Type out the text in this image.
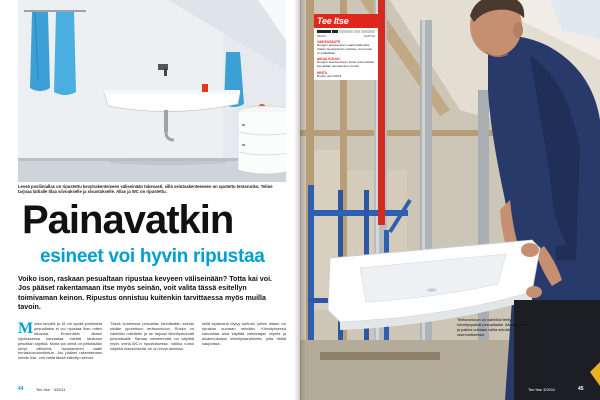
Leveä posliiniallas on ripustettu kevytrakenteiseen väliseinään tukevasti, sillä seinärakenteeseen on upotettu teräsrunko. Teline tarjoaa lattialle tilaa siivoukselle ja sisustukselle. Allas ja WC on ripustettu.

Painavatkin
esineet voi hyvin ripustaa

Voiko ison, raskaan pesualtaan ripustaa kevyeen väliseinään? Totta kai voi. Jos pääset rakentamaan itse myös seinän, voit valita tässä esitellyn toimivaman keinon. Ripustus onnistuu kuitenkin tarvittaessa myös muilla tavoin.

Monta kevyttä ja 18 cm syvää posliinista pesuallasta ei voi ripustaa ihan miten tahansa. Ensinnäkin altaan sijoituksessa kannattaa miettiä tarkkaan pesutilan käyttöä. Mutta jos seinä on pelkästään kevyt väliseinä, ripustaminen vaatii ennakkosuunnittelua. Jos pääset rakentamaan seinän itse, voit valita tässä esitellyn keinon.

Tässä kohteessa pesuallas kiinnitetään seinän sisään upotettuun teräsrunkoon. Runko on valmiiksi mitoitettu ja se tarjoaa kiinnityskohdat pesualtaalle. Samaa menetelmää voi käyttää myös seinä-WC:n ripustuksessa. Vaikka runko näyttää massiiviselta, se on kevyt asentaa.

kellä kipsiseinä löytyy tuetusti, jolloin altaan voi ripustaa suoraan seinään. Kiinnityksessä kannattaa aina käyttää valmistajan ohjeita ja asianmukaisia kiinnitystarvikkeita, joita riittää kaupoissa.

44	Tee Itse · 3/2011
Tee Itse
HELPO	VAATIVA

VAIKEUSASTE

Rungon asentaminen vaatii tarkkuutta. Altaan ripustaminen onnistuu, kun runko on paikallaan.

AIKAA KULUU

Rungon asentamiseen kuluu puoli päivää, itse altaan asentaminen tunnin.

HINTA

Runko noin 200 €.

Teräsrunkoon on valmiiksi tehty kiinnityspaikat pesualtaalle. Altaan korkeus ja paikka voidaan valita seinää rakennettaessa.

Tee Itse 3/2011	45
